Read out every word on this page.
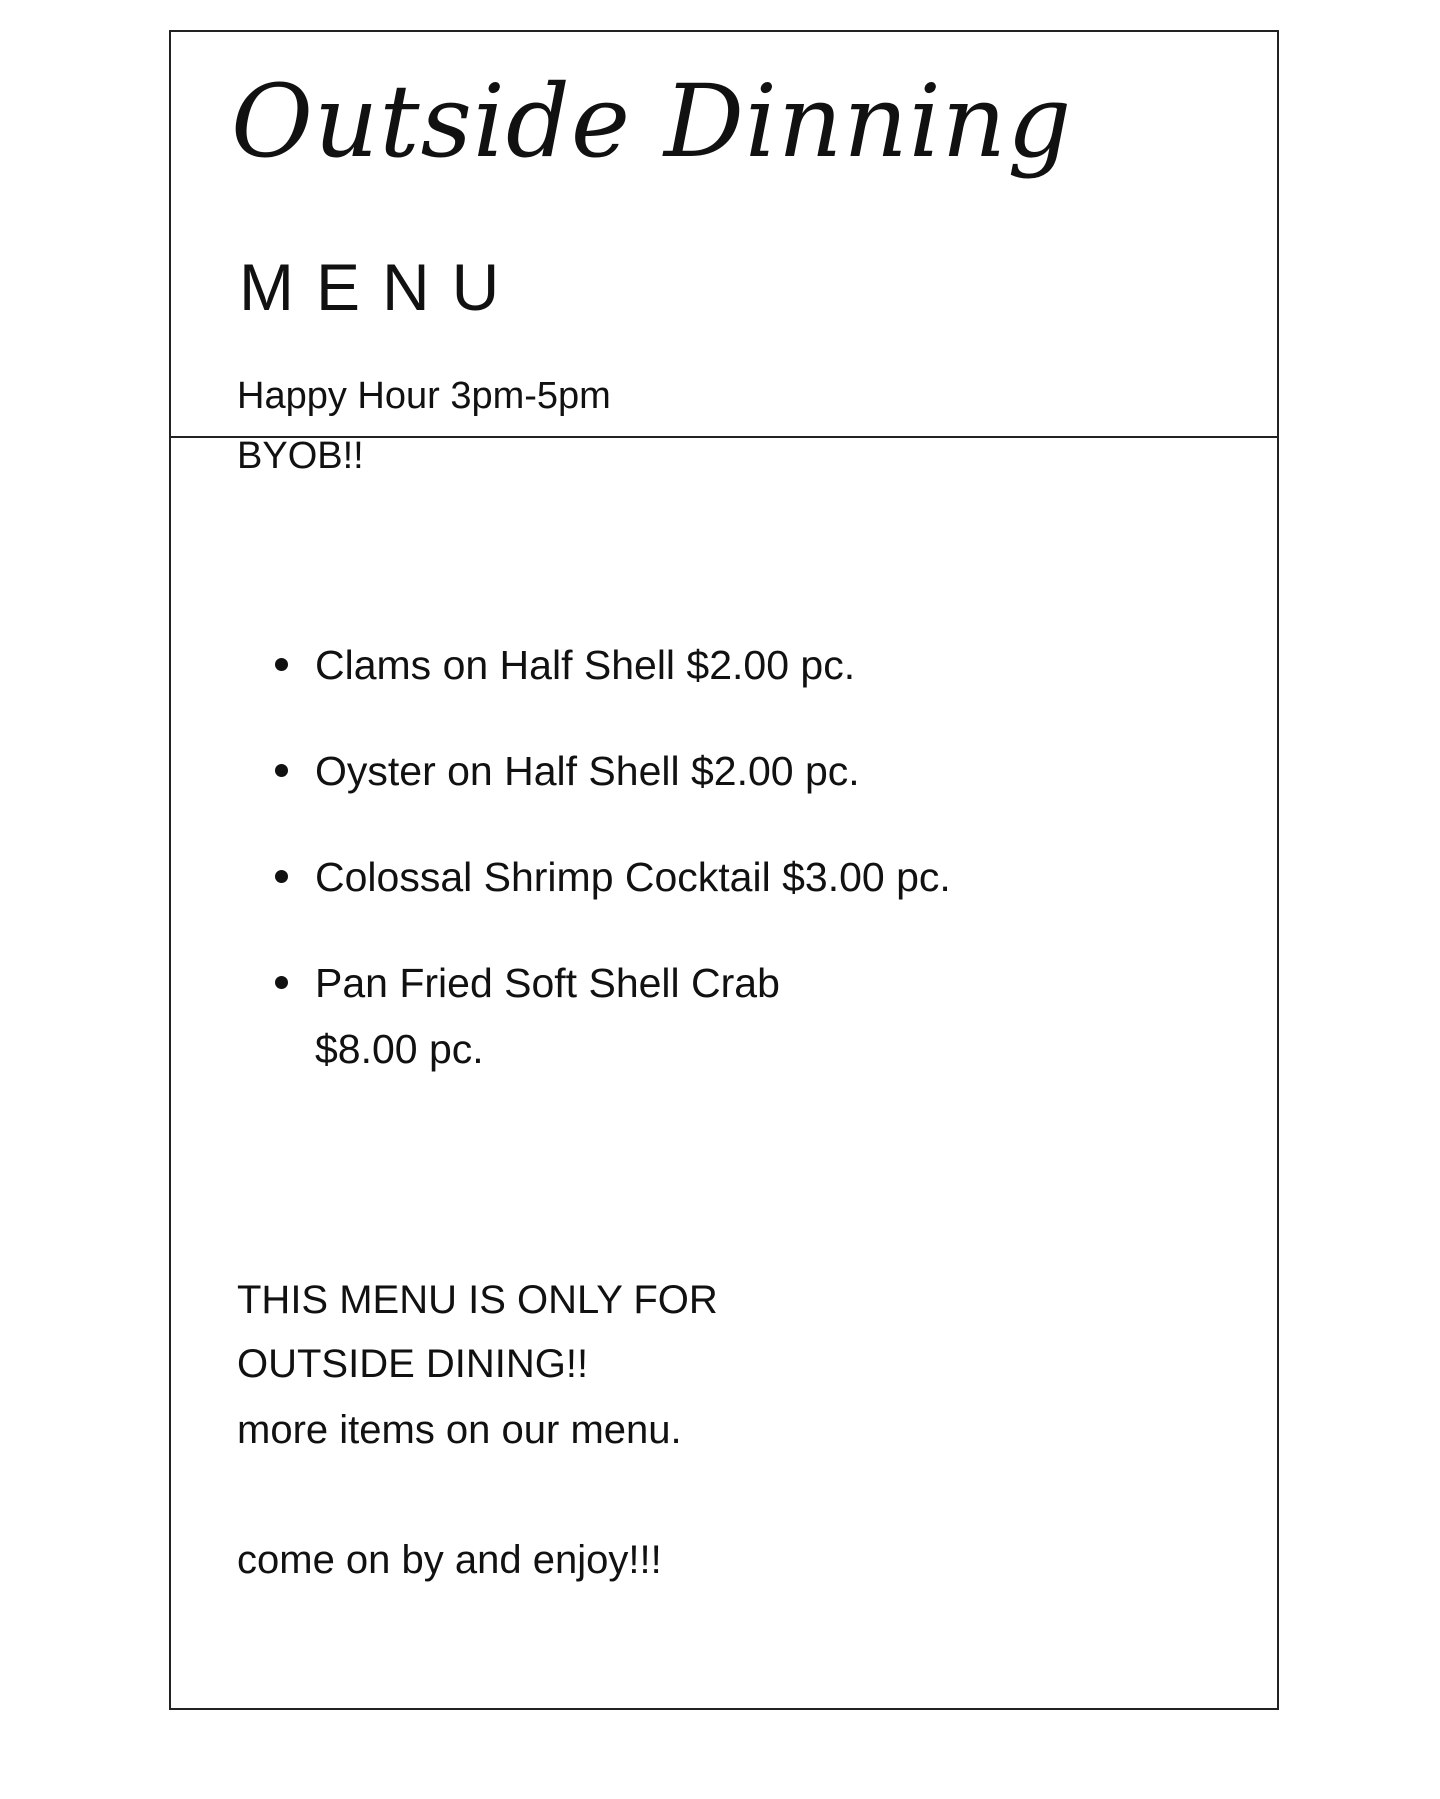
Outside Dinning
MENU
Happy Hour 3pm-5pm
BYOB!!
Clams on Half Shell $2.00 pc.
Oyster on Half Shell $2.00 pc.
Colossal Shrimp Cocktail $3.00 pc.
Pan Fried Soft Shell Crab
$8.00 pc.
THIS MENU IS ONLY FOR
OUTSIDE DINING!!
more items on our menu.
come on by and enjoy!!!
